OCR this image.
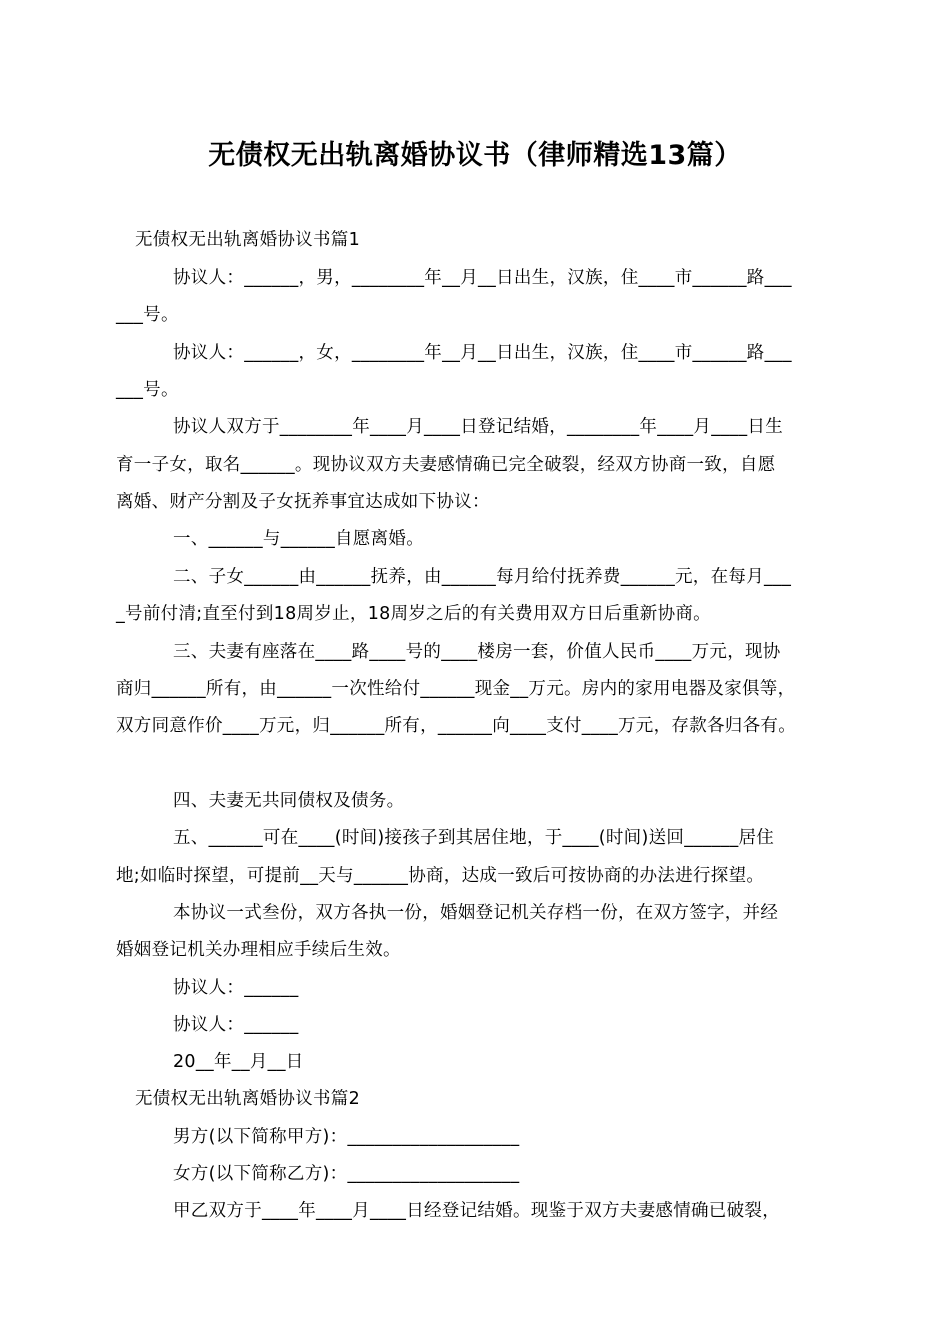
无债权无出轨离婚协议书（律师精选13篇）
无债权无出轨离婚协议书篇1
协议人：______，男，________年__月__日出生，汉族，住____市______路___
___号。
协议人：______，女，________年__月__日出生，汉族，住____市______路___
___号。
协议人双方于________年____月____日登记结婚，________年____月____日生
育一子女，取名______。现协议双方夫妻感情确已完全破裂，经双方协商一致，自愿
离婚、财产分割及子女抚养事宜达成如下协议：
一、______与______自愿离婚。
二、子女______由______抚养，由______每月给付抚养费______元，在每月___
_号前付清;直至付到18周岁止，18周岁之后的有关费用双方日后重新协商。
三、夫妻有座落在____路____号的____楼房一套，价值人民币____万元，现协
商归______所有，由______一次性给付______现金__万元。房内的家用电器及家俱等，
双方同意作价____万元，归______所有，______向____支付____万元，存款各归各有。
四、夫妻无共同债权及债务。
五、______可在____(时间)接孩子到其居住地，于____(时间)送回______居住
地;如临时探望，可提前__天与______协商，达成一致后可按协商的办法进行探望。
本协议一式叁份，双方各执一份，婚姻登记机关存档一份，在双方签字，并经
婚姻登记机关办理相应手续后生效。
协议人：______
协议人：______
20__年__月__日
无债权无出轨离婚协议书篇2
男方(以下简称甲方)：___________________
女方(以下简称乙方)：___________________
甲乙双方于____年____月____日经登记结婚。现鉴于双方夫妻感情确已破裂，
